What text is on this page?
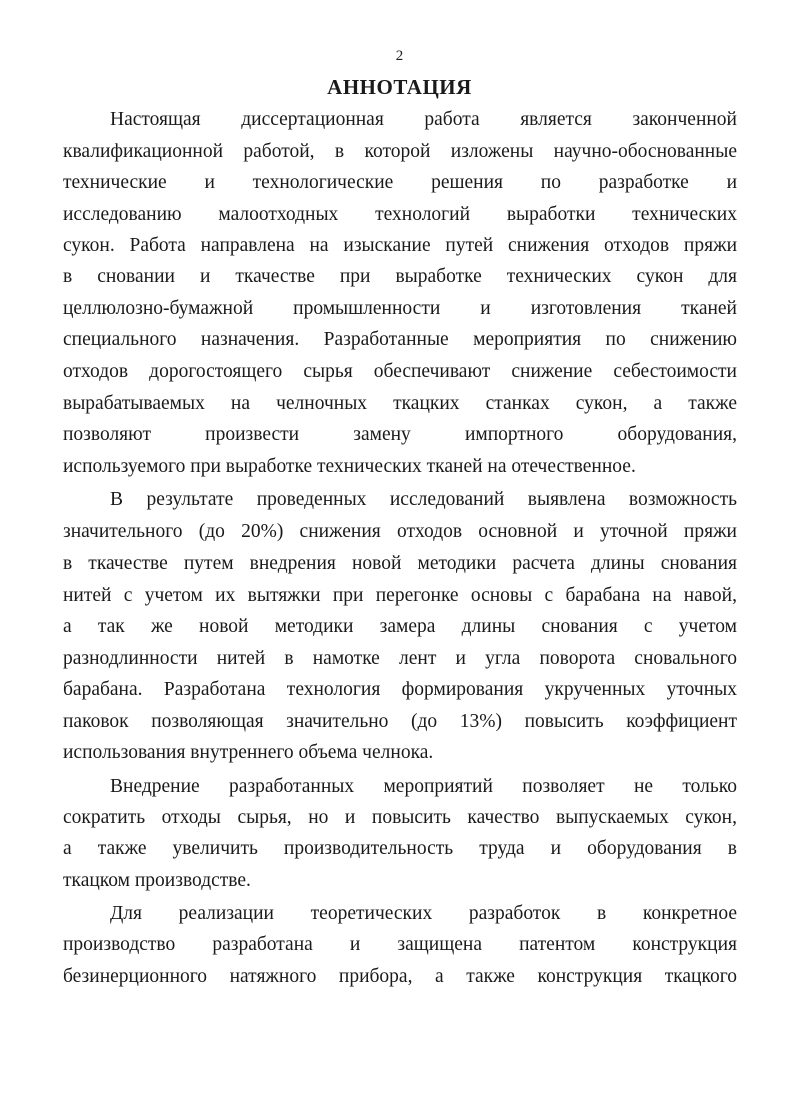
2
АННОТАЦИЯ
Настоящая диссертационная работа является законченной
квалификационной работой, в которой изложены научно-обоснованные
технические и технологические решения по разработке и
исследованию малоотходных технологий выработки технических
сукон. Работа направлена на изыскание путей снижения отходов пряжи
в сновании и ткачестве при выработке технических сукон для
целлюлозно-бумажной промышленности и изготовления тканей
специального назначения. Разработанные мероприятия по снижению
отходов дорогостоящего сырья обеспечивают снижение себестоимости
вырабатываемых на челночных ткацких станках сукон, а также
позволяют произвести замену импортного оборудования,
используемого при выработке технических тканей на отечественное.
В результате проведенных исследований выявлена возможность
значительного (до 20%) снижения отходов основной и уточной пряжи
в ткачестве путем внедрения новой методики расчета длины снования
нитей с учетом их вытяжки при перегонке основы с барабана на навой,
а так же новой методики замера длины снования с учетом
разнодлинности нитей в намотке лент и угла поворота сновального
барабана. Разработана технология формирования укрученных уточных
паковок позволяющая значительно (до 13%) повысить коэффициент
использования внутреннего объема челнока.
Внедрение разработанных мероприятий позволяет не только
сократить отходы сырья, но и повысить качество выпускаемых сукон,
а также увеличить производительность труда и оборудования в
ткацком производстве.
Для реализации теоретических разработок в конкретное
производство разработана и защищена патентом конструкция
безинерционного натяжного прибора, а также конструкция ткацкого
